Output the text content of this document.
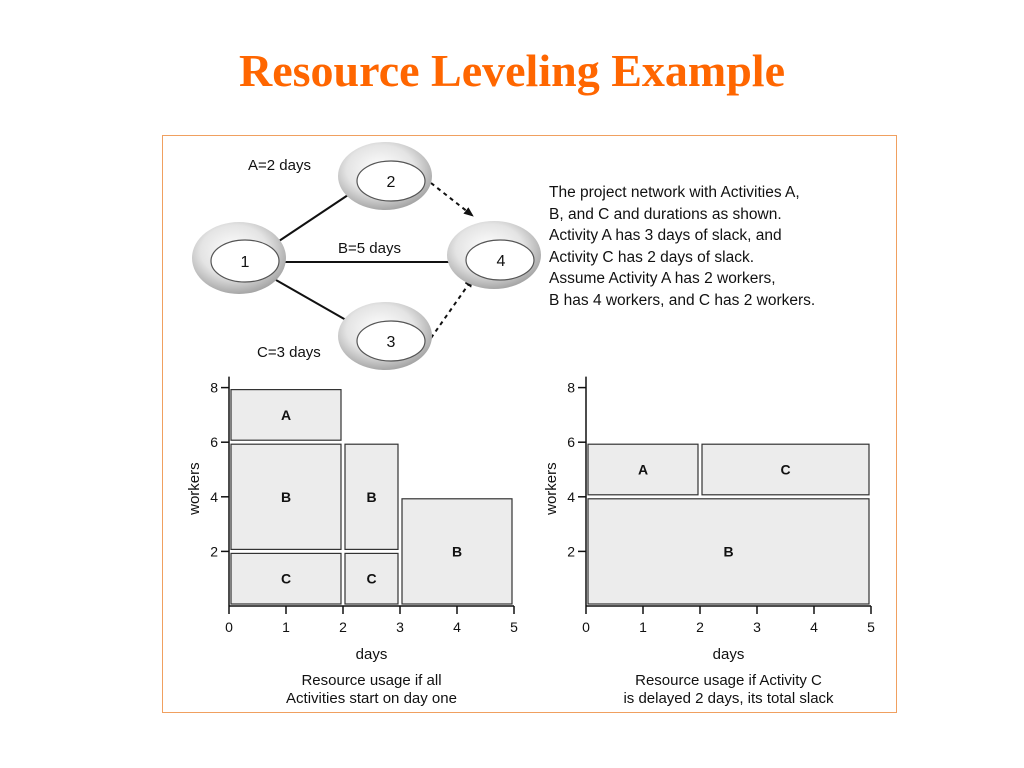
Resource Leveling Example
1
2
3
4
A=2 days
B=5 days
C=3 days
C
B
A
C
B
B
2
4
6
8
0	1	2	3	4	5
days
workers
Resource usage if all
Activities start on day one
B
A	C
2
4
6
8
0	1	2	3	4	5
days
workers
Resource usage if Activity C
is delayed 2 days, its total slack
The project network with Activities A,
B, and C and durations as shown.
Activity A has 3 days of slack, and
Activity C has 2 days of slack.
Assume Activity A has 2 workers,
B has 4 workers, and C has 2 workers.
